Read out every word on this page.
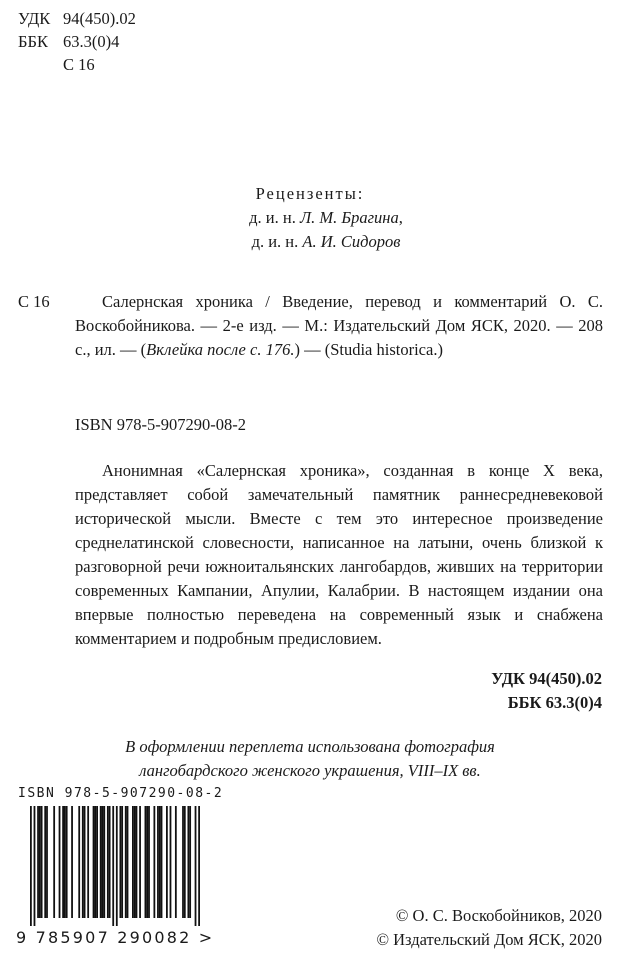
УДК 94(450).02
ББК 63.3(0)4
С 16
Рецензенты:
д. и. н. Л. М. Брагина,
д. и. н. А. И. Сидоров
С 16	Салернская хроника / Введение, перевод и комментарий О. С. Воскобойникова. — 2-е изд. — М.: Издательский Дом ЯСК, 2020. — 208 с., ил. — (Вклейка после с. 176.) — (Studia historica.)
ISBN 978-5-907290-08-2
Анонимная «Салернская хроника», созданная в конце X века, представляет собой замечательный памятник раннесредневековой исторической мысли. Вместе с тем это интересное произведение среднелатинской словесности, написанное на латыни, очень близкой к разговорной речи южноитальянских лангобардов, живших на территории современных Кампании, Апулии, Калабрии. В настоящем издании она впервые полностью переведена на современный язык и снабжена комментарием и подробным предисловием.
УДК 94(450).02
ББК 63.3(0)4
В оформлении переплета использована фотография
лангобардского женского украшения, VIII–IX вв.
ISBN 978-5-907290-08-2
9 785907 290082 >
© О. С. Воскобойников, 2020
© Издательский Дом ЯСК, 2020
